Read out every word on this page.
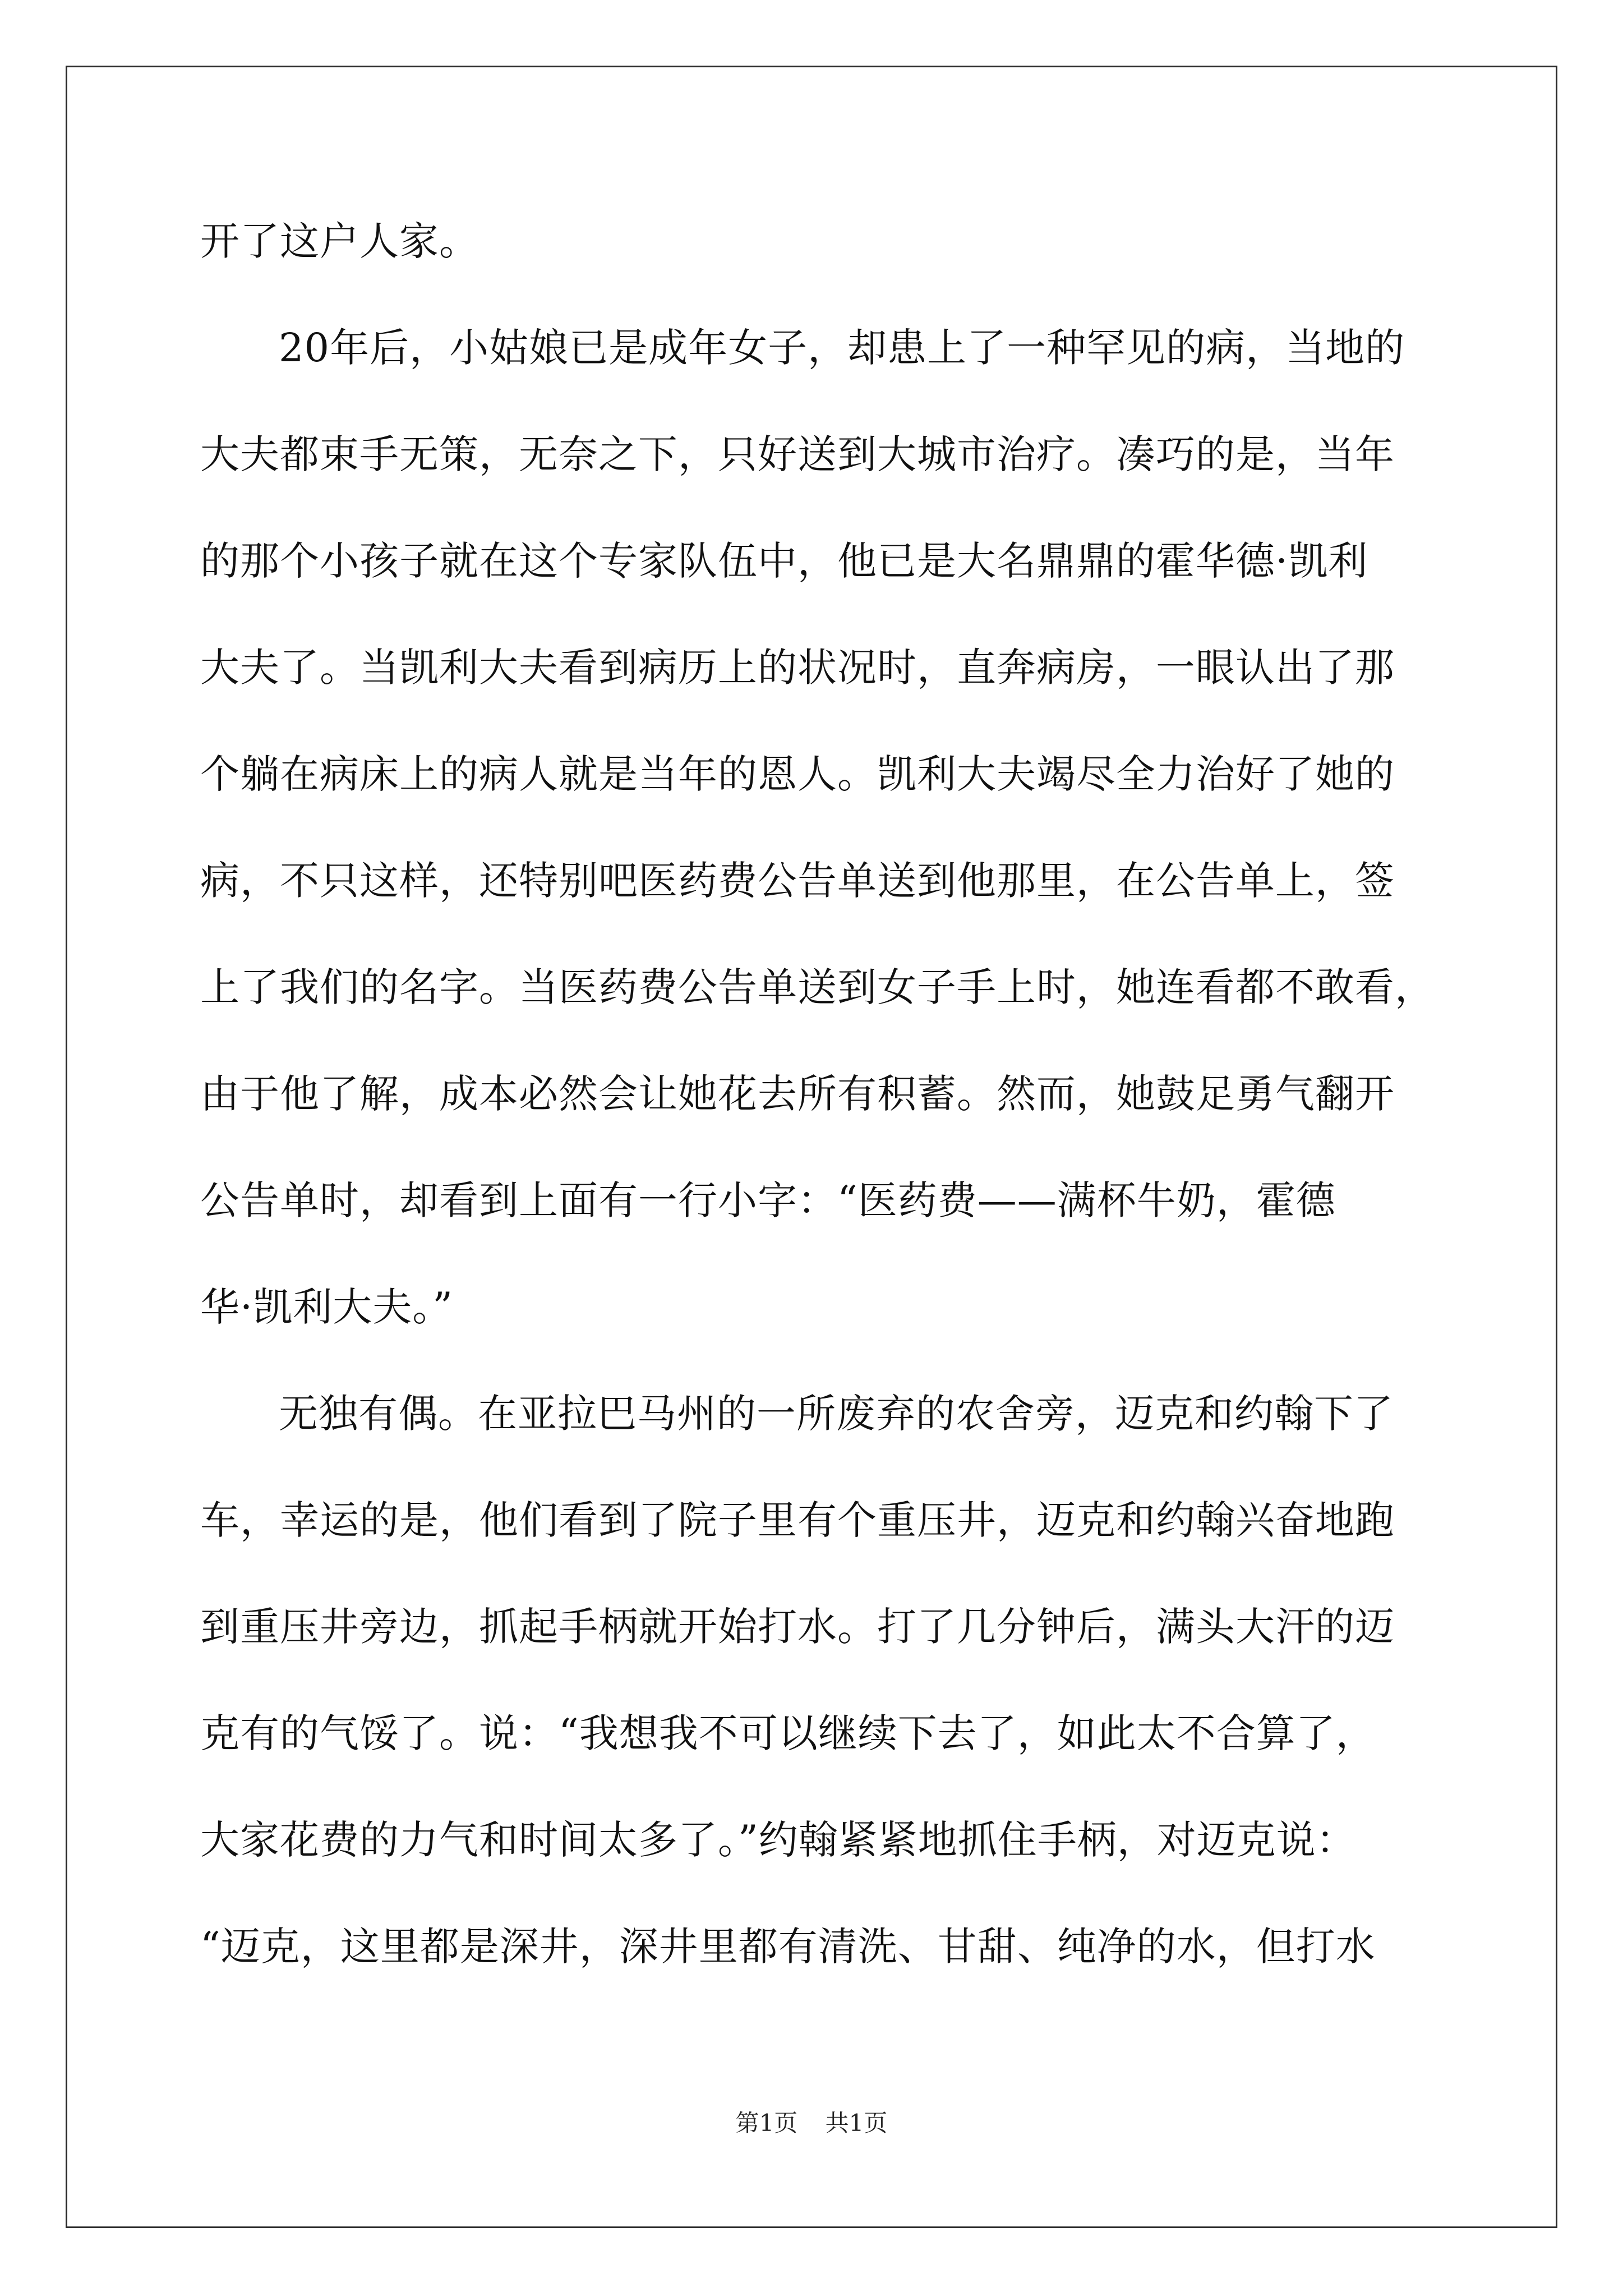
开了这户人家。
20年后，小姑娘已是成年女子，却患上了一种罕见的病，当地的
大夫都束手无策，无奈之下，只好送到大城市治疗。凑巧的是，当年
的那个小孩子就在这个专家队伍中，他已是大名鼎鼎的霍华德·凯利
大夫了。当凯利大夫看到病历上的状况时，直奔病房，一眼认出了那
个躺在病床上的病人就是当年的恩人。凯利大夫竭尽全力治好了她的
病，不只这样，还特别吧医药费公告单送到他那里，在公告单上，签
上了我们的名字。当医药费公告单送到女子手上时，她连看都不敢看，
由于他了解，成本必然会让她花去所有积蓄。然而，她鼓足勇气翻开
公告单时，却看到上面有一行小字：“医药费——满杯牛奶，霍德
华·凯利大夫。”
无独有偶。在亚拉巴马州的一所废弃的农舍旁，迈克和约翰下了
车，幸运的是，他们看到了院子里有个重压井，迈克和约翰兴奋地跑
到重压井旁边，抓起手柄就开始打水。打了几分钟后，满头大汗的迈
克有的气馁了。说：“我想我不可以继续下去了，如此太不合算了，
大家花费的力气和时间太多了。”约翰紧紧地抓住手柄，对迈克说：
“迈克，这里都是深井，深井里都有清洗、甘甜、纯净的水，但打水
第1页 共1页
